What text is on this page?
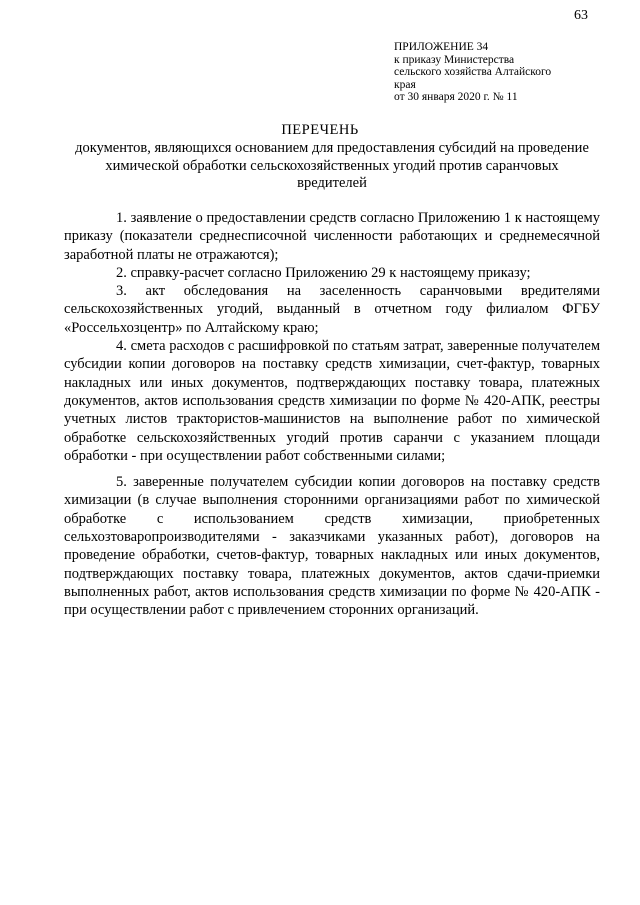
63
ПРИЛОЖЕНИЕ 34
к приказу Министерства
сельского хозяйства Алтайского
края
от 30 января 2020 г. № 11
ПЕРЕЧЕНЬ
документов, являющихся основанием для предоставления субсидий на проведение химической обработки сельскохозяйственных угодий против саранчовых вредителей

1. заявление о предоставлении средств согласно Приложению 1 к настоящему приказу (показатели среднесписочной численности работающих и среднемесячной заработной платы не отражаются);

2. справку-расчет согласно Приложению 29 к настоящему приказу;

3. акт обследования на заселенность саранчовыми вредителями сельскохозяйственных угодий, выданный в отчетном году филиалом ФГБУ «Россельхозцентр» по Алтайскому краю;

4. смета расходов с расшифровкой по статьям затрат, заверенные получателем субсидии копии договоров на поставку средств химизации, счет-фактур, товарных накладных или иных документов, подтверждающих поставку товара, платежных документов, актов использования средств химизации по форме № 420-АПК, реестры учетных листов трактористов-машинистов на выполнение работ по химической обработке сельскохозяйственных угодий против саранчи с указанием площади обработки - при осуществлении работ собственными силами;

5. заверенные получателем субсидии копии договоров на поставку средств химизации (в случае выполнения сторонними организациями работ по химической обработке с использованием средств химизации, приобретенных сельхозтоваропроизводителями - заказчиками указанных работ), договоров на проведение обработки, счетов-фактур, товарных накладных или иных документов, подтверждающих поставку товара, платежных документов, актов сдачи-приемки выполненных работ, актов использования средств химизации по форме № 420-АПК - при осуществлении работ с привлечением сторонних организаций.
